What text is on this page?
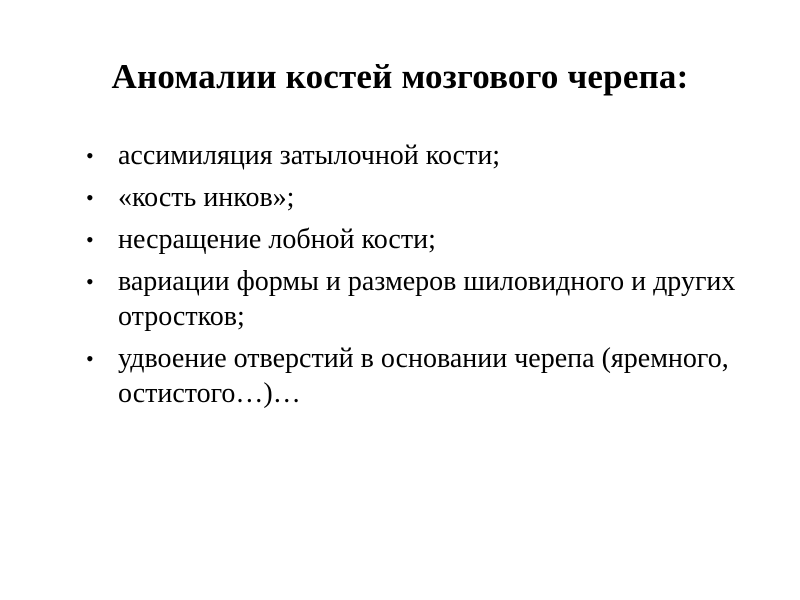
Аномалии костей мозгового черепа:
• ассимиляция затылочной кости;
• «кость инков»;
• несращение лобной кости;
• вариации формы и размеров шиловидного и других отростков;
• удвоение отверстий в основании черепа (яремного, остистого…)…
